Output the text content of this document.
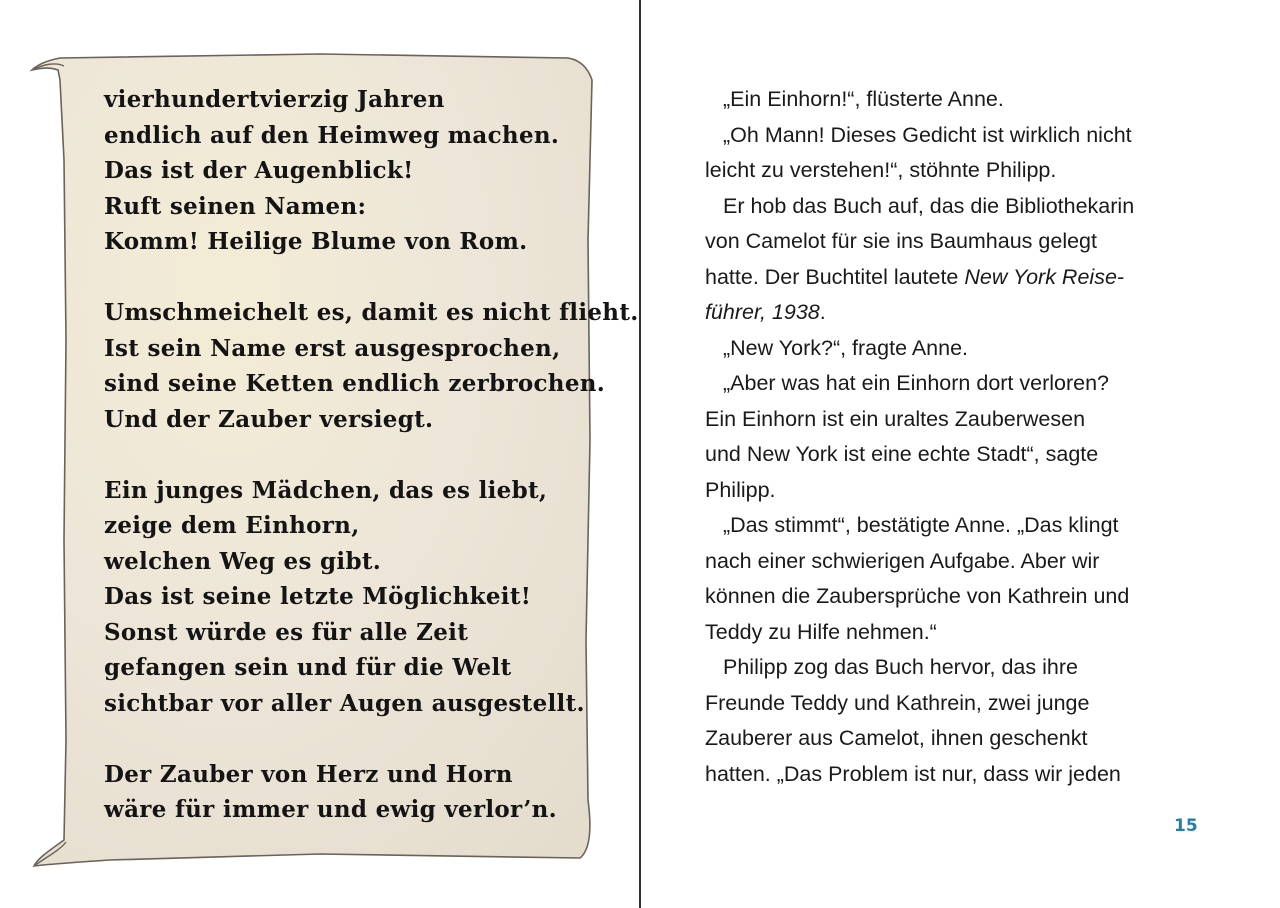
vierhundertvierzig Jahren
endlich auf den Heimweg machen.
Das ist der Augenblick!
Ruft seinen Namen:
Komm! Heilige Blume von Rom.
Umschmeichelt es, damit es nicht flieht.
Ist sein Name erst ausgesprochen,
sind seine Ketten endlich zerbrochen.
Und der Zauber versiegt.
Ein junges Mädchen, das es liebt,
zeige dem Einhorn,
welchen Weg es gibt.
Das ist seine letzte Möglichkeit!
Sonst würde es für alle Zeit
gefangen sein und für die Welt
sichtbar vor aller Augen ausgestellt.
Der Zauber von Herz und Horn
wäre für immer und ewig verlor’n.
„Ein Einhorn!“, flüsterte Anne.
„Oh Mann! Dieses Gedicht ist wirklich nicht
leicht zu verstehen!“, stöhnte Philipp.
Er hob das Buch auf, das die Bibliothekarin
von Camelot für sie ins Baumhaus gelegt
hatte. Der Buchtitel lautete New York Reise-
führer, 1938.
„New York?“, fragte Anne.
„Aber was hat ein Einhorn dort verloren?
Ein Einhorn ist ein uraltes Zauberwesen
und New York ist eine echte Stadt“, sagte
Philipp.
„Das stimmt“, bestätigte Anne. „Das klingt
nach einer schwierigen Aufgabe. Aber wir
können die Zaubersprüche von Kathrein und
Teddy zu Hilfe nehmen.“
Philipp zog das Buch hervor, das ihre
Freunde Teddy und Kathrein, zwei junge
Zauberer aus Camelot, ihnen geschenkt
hatten. „Das Problem ist nur, dass wir jeden
15
